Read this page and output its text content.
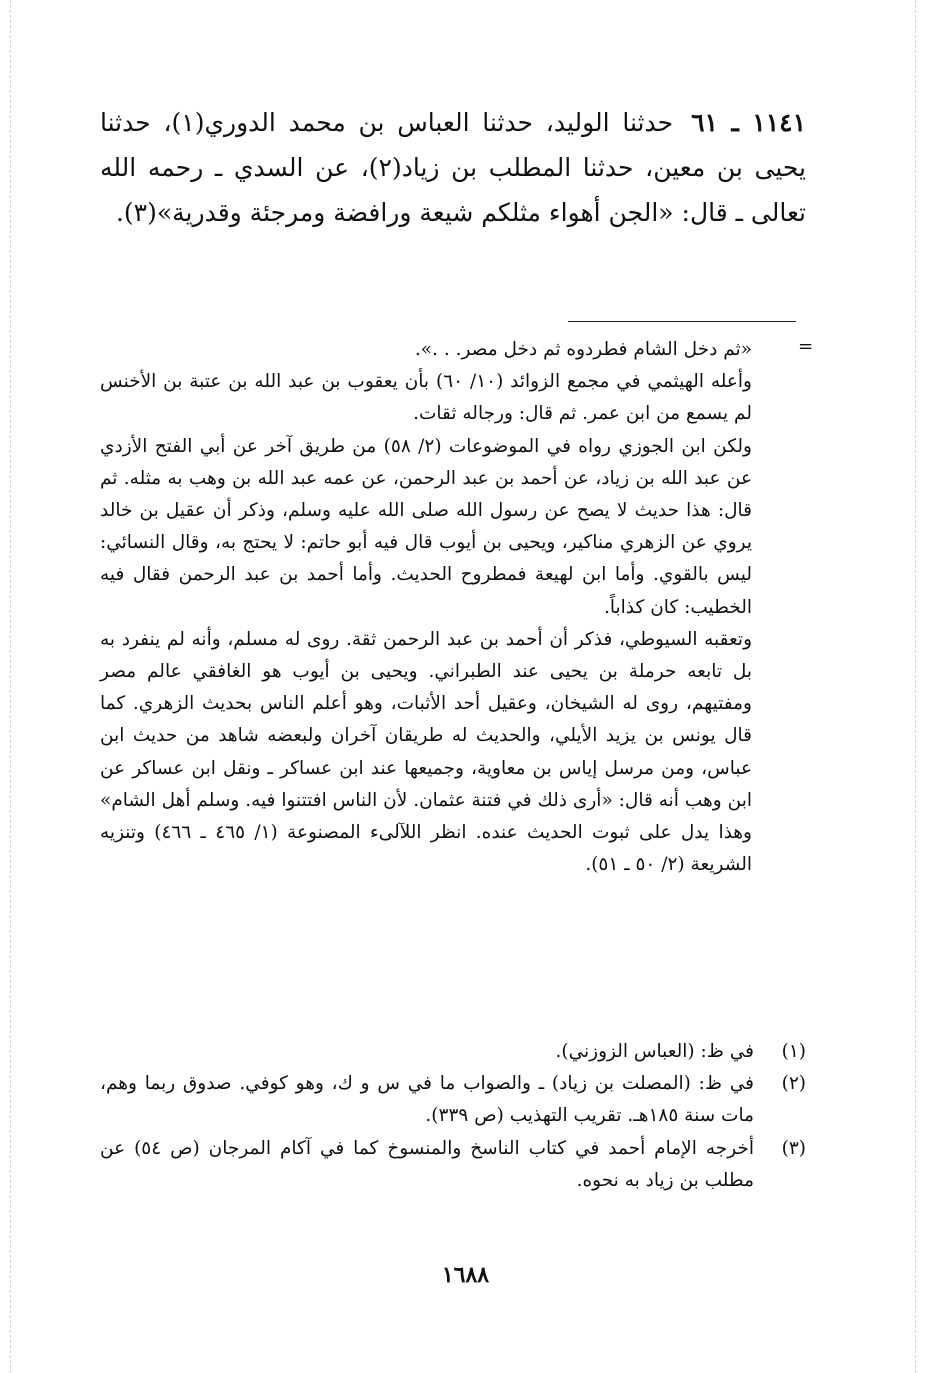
١١٤١ ـ ٦١حدثنا الوليد، حدثنا العباس بن محمد الدوري(١)، حدثنا يحيى بن معين، حدثنا المطلب بن زياد(٢)، عن السدي ـ رحمه الله تعالى ـ قال: «الجن أهواء مثلكم شيعة ورافضة ومرجئة وقدرية»(٣).
=

«ثم دخل الشام فطردوه ثم دخل مصر. . .».

وأعله الهيثمي في مجمع الزوائد (١٠/ ٦٠) بأن يعقوب بن عبد الله بن عتبة بن الأخنس لم يسمع من ابن عمر. ثم قال: ورجاله ثقات.

ولكن ابن الجوزي رواه في الموضوعات (٢/ ٥٨) من طريق آخر عن أبي الفتح الأزدي عن عبد الله بن زياد، عن أحمد بن عبد الرحمن، عن عمه عبد الله بن وهب به مثله. ثم قال: هذا حديث لا يصح عن رسول الله صلى الله عليه وسلم، وذكر أن عقيل بن خالد يروي عن الزهري مناكير، ويحيى بن أيوب قال فيه أبو حاتم: لا يحتج به، وقال النسائي: ليس بالقوي. وأما ابن لهيعة فمطروح الحديث. وأما أحمد بن عبد الرحمن فقال فيه الخطيب: كان كذاباً.

وتعقبه السيوطي، فذكر أن أحمد بن عبد الرحمن ثقة. روى له مسلم، وأنه لم ينفرد به بل تابعه حرملة بن يحيى عند الطبراني. ويحيى بن أيوب هو الغافقي عالم مصر ومفتيهم، روى له الشيخان، وعقيل أحد الأثبات، وهو أعلم الناس بحديث الزهري. كما قال يونس بن يزيد الأيلي، والحديث له طريقان آخران ولبعضه شاهد من حديث ابن عباس، ومن مرسل إياس بن معاوية، وجميعها عند ابن عساكر ـ ونقل ابن عساكر عن ابن وهب أنه قال: «أرى ذلك في فتنة عثمان. لأن الناس افتتنوا فيه. وسلم أهل الشام» وهذا يدل على ثبوت الحديث عنده. انظر اللآلىء المصنوعة (١/ ٤٦٥ ـ ٤٦٦) وتنزيه الشريعة (٢/ ٥٠ ـ ٥١).

(١)
في ظ: (العباس الزوزني).
(٢)
في ظ: (المصلت بن زياد) ـ والصواب ما في س و ك، وهو كوفي. صدوق ربما وهم، مات سنة ١٨٥هـ. تقريب التهذيب (ص ٣٣٩).
(٣)
أخرجه الإمام أحمد في كتاب الناسخ والمنسوخ كما في آكام المرجان (ص ٥٤) عن مطلب بن زياد به نحوه.
١٦٨٨
